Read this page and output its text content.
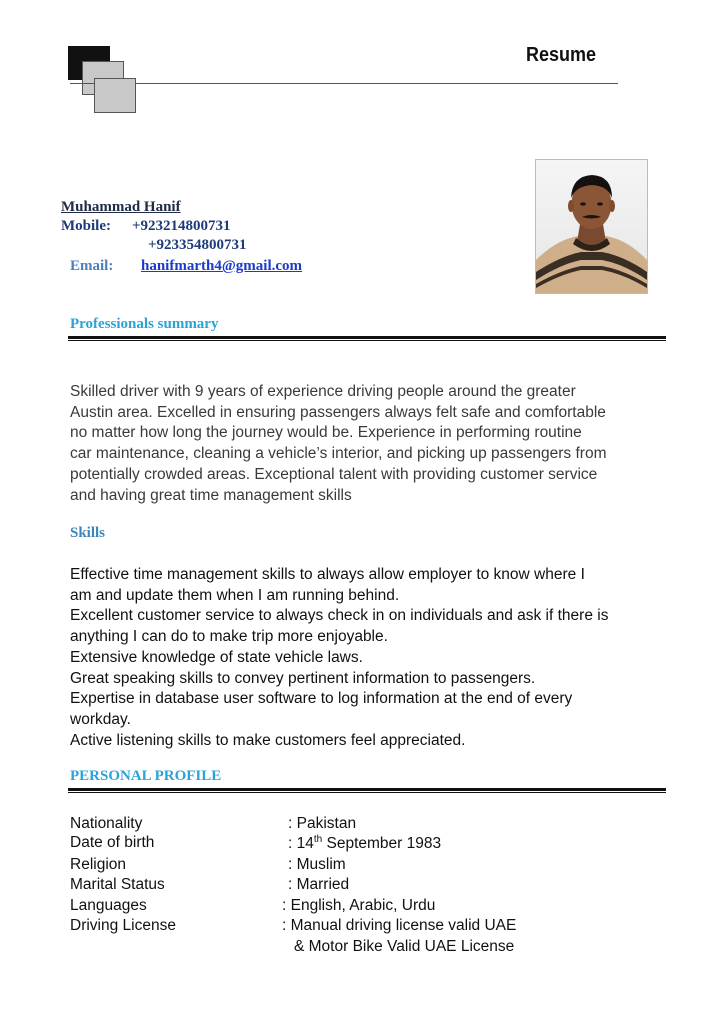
Resume
Muhammad Hanif
Mobile: +923214800731
+923354800731
Email: hanifmarth4@gmail.com
Professionals summary
Skilled driver with 9 years of experience driving people around the greater
Austin area. Excelled in ensuring passengers always felt safe and comfortable
no matter how long the journey would be. Experience in performing routine
car maintenance, cleaning a vehicle’s interior, and picking up passengers from
potentially crowded areas. Exceptional talent with providing customer service
and having great time management skills
Skills
Effective time management skills to always allow employer to know where I
am and update them when I am running behind.
Excellent customer service to always check in on individuals and ask if there is
anything I can do to make trip more enjoyable.
Extensive knowledge of state vehicle laws.
Great speaking skills to convey pertinent information to passengers.
Expertise in database user software to log information at the end of every
workday.
Active listening skills to make customers feel appreciated.
PERSONAL PROFILE
Nationality	: Pakistan
Date of birth	: 14th September 1983
Religion	: Muslim
Marital Status	: Married
Languages	: English, Arabic, Urdu
Driving License	: Manual driving license valid UAE
& Motor Bike Valid UAE License
